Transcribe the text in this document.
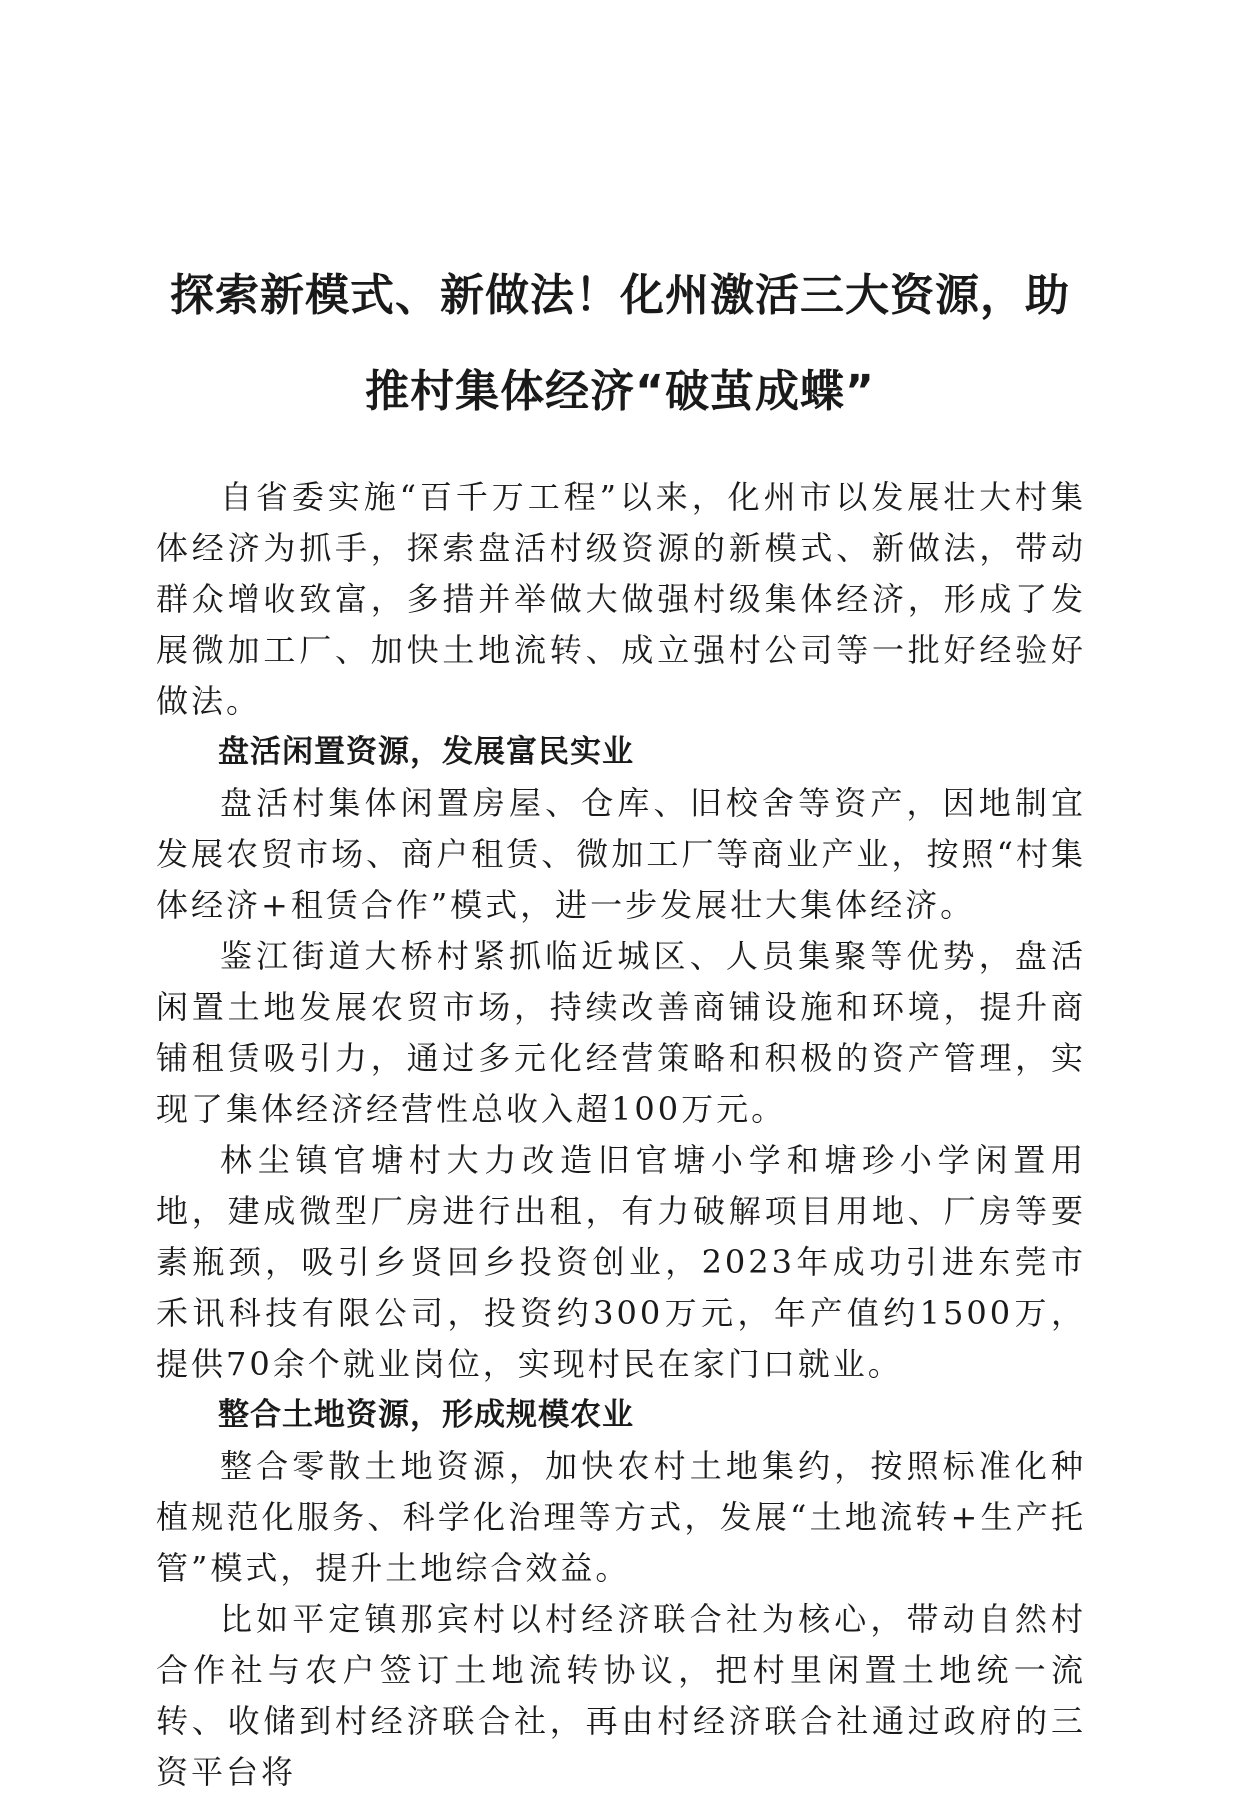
探索新模式、新做法！化州激活三大资源，助
推村集体经济“破茧成蝶”

自省委实施“百千万工程”以来，化州市以发展壮大村集体经济为抓手，探索盘活村级资源的新模式、新做法，带动群众增收致富，多措并举做大做强村级集体经济，形成了发展微加工厂、加快土地流转、成立强村公司等一批好经验好做法。

盘活闲置资源，发展富民实业

盘活村集体闲置房屋、仓库、旧校舍等资产，因地制宜发展农贸市场、商户租赁、微加工厂等商业产业，按照“村集体经济+租赁合作”模式，进一步发展壮大集体经济。

鉴江街道大桥村紧抓临近城区、人员集聚等优势，盘活闲置土地发展农贸市场，持续改善商铺设施和环境，提升商铺租赁吸引力，通过多元化经营策略和积极的资产管理，实现了集体经济经营性总收入超100万元。

林尘镇官塘村大力改造旧官塘小学和塘珍小学闲置用地，建成微型厂房进行出租，有力破解项目用地、厂房等要素瓶颈，吸引乡贤回乡投资创业，2023年成功引进东莞市禾讯科技有限公司，投资约300万元，年产值约1500万，提供70余个就业岗位，实现村民在家门口就业。

整合土地资源，形成规模农业

整合零散土地资源，加快农村土地集约，按照标准化种植规范化服务、科学化治理等方式，发展“土地流转+生产托管”模式，提升土地综合效益。

比如平定镇那宾村以村经济联合社为核心，带动自然村合作社与农户签订土地流转协议，把村里闲置土地统一流转、收储到村经济联合社，再由村经济联合社通过政府的三资平台将
